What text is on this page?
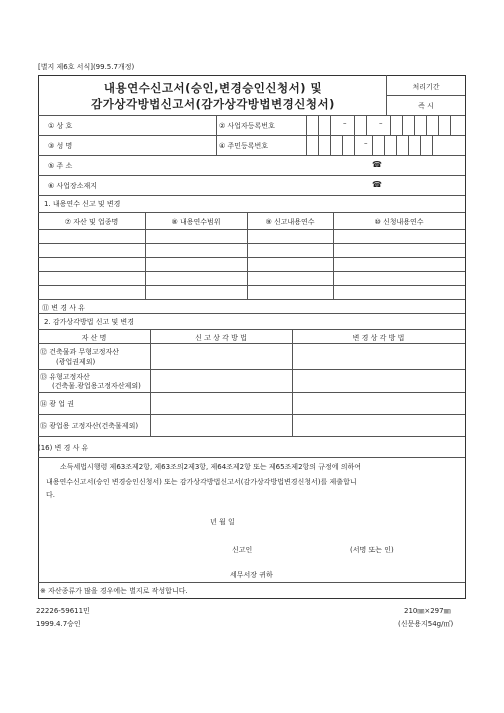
[별지 제6호 서식](99.5.7개정)
내용연수신고서(승인,변경승인신청서) 및
감가상각방법신고서(감가상각방법변경신청서)
처리기간
즉 시
① 상 호	② 사업자등록번호	–	–
③ 성 명	④ 주민등록번호	–
⑤ 주 소	☎
⑥ 사업장소재지	☎
1. 내용연수 신고 및 변경
⑦ 자산 및 업종명	⑧ 내용연수범위	⑨ 신고내용연수	⑩ 신청내용연수
⑪ 변 경 사 유
2. 감가상각방법 신고 및 변경
자 산 명	신 고 상 각 방 법	변 경 상 각 방 법
⑫ 건축물과 무형고정자산
(광업권제외)
⑬ 유형고정자산
(건축물.광업용고정자산제외)
⑭ 광 업 권
⑮ 광업용 고정자산(건축물제외)
(16) 변 경 사 유
소득세법시행령 제63조제2항, 제63조의2제3항, 제64조제2항 또는 제65조제2항의 규정에 의하여
내용연수신고서(승인 변경승인신청서) 또는 감가상각방법신고서(감가상각방법변경신청서)를 제출합니
다.
년 월 일
신고인	(서명 또는 인)
세무서장 귀하
※ 자산종류가 많을 경우에는 별지로 작성합니다.
22226-59611민
1999.4.7승인
210㎜×297㎜
(신문용지54g/㎡)
